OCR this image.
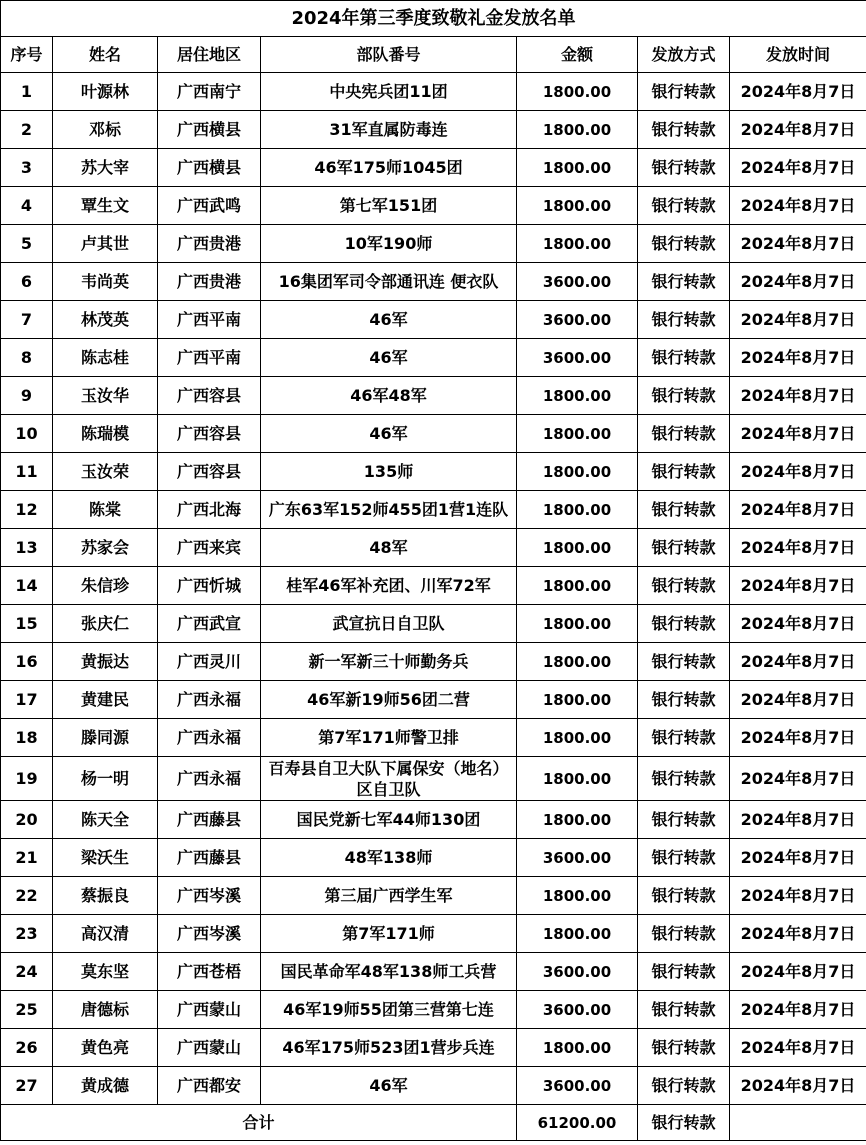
2024年第三季度致敬礼金发放名单						
序号	姓名	居住地区	部队番号	金额	发放方式	发放时间
1	叶源林	广西南宁	中央宪兵团11团	1800.00	银行转款	2024年8月7日
2	邓标	广西横县	31军直属防毒连	1800.00	银行转款	2024年8月7日
3	苏大宰	广西横县	46军175师1045团	1800.00	银行转款	2024年8月7日
4	覃生文	广西武鸣	第七军151团	1800.00	银行转款	2024年8月7日
5	卢其世	广西贵港	10军190师	1800.00	银行转款	2024年8月7日
6	韦尚英	广西贵港	16集团军司令部通讯连 便衣队	3600.00	银行转款	2024年8月7日
7	林茂英	广西平南	46军	3600.00	银行转款	2024年8月7日
8	陈志桂	广西平南	46军	3600.00	银行转款	2024年8月7日
9	玉汝华	广西容县	46军48军	1800.00	银行转款	2024年8月7日
10	陈瑞模	广西容县	46军	1800.00	银行转款	2024年8月7日
11	玉汝荣	广西容县	135师	1800.00	银行转款	2024年8月7日
12	陈棠	广西北海	广东63军152师455团1营1连队	1800.00	银行转款	2024年8月7日
13	苏家会	广西来宾	48军	1800.00	银行转款	2024年8月7日
14	朱信珍	广西忻城	桂军46军补充团、川军72军	1800.00	银行转款	2024年8月7日
15	张庆仁	广西武宣	武宣抗日自卫队	1800.00	银行转款	2024年8月7日
16	黄振达	广西灵川	新一军新三十师勤务兵	1800.00	银行转款	2024年8月7日
17	黄建民	广西永福	46军新19师56团二营	1800.00	银行转款	2024年8月7日
18	滕同源	广西永福	第7军171师警卫排	1800.00	银行转款	2024年8月7日
19	杨一明	广西永福	百寿县自卫大队下属保安（地名）区自卫队	1800.00	银行转款	2024年8月7日
20	陈天全	广西藤县	国民党新七军44师130团	1800.00	银行转款	2024年8月7日
21	梁沃生	广西藤县	48军138师	3600.00	银行转款	2024年8月7日
22	蔡振良	广西岑溪	第三届广西学生军	1800.00	银行转款	2024年8月7日
23	高汉清	广西岑溪	第7军171师	1800.00	银行转款	2024年8月7日
24	莫东坚	广西苍梧	国民革命军48军138师工兵营	3600.00	银行转款	2024年8月7日
25	唐德标	广西蒙山	46军19师55团第三营第七连	3600.00	银行转款	2024年8月7日
26	黄色亮	广西蒙山	46军175师523团1营步兵连	1800.00	银行转款	2024年8月7日
27	黄成德	广西都安	46军	3600.00	银行转款	2024年8月7日
合计				61200.00	银行转款	
